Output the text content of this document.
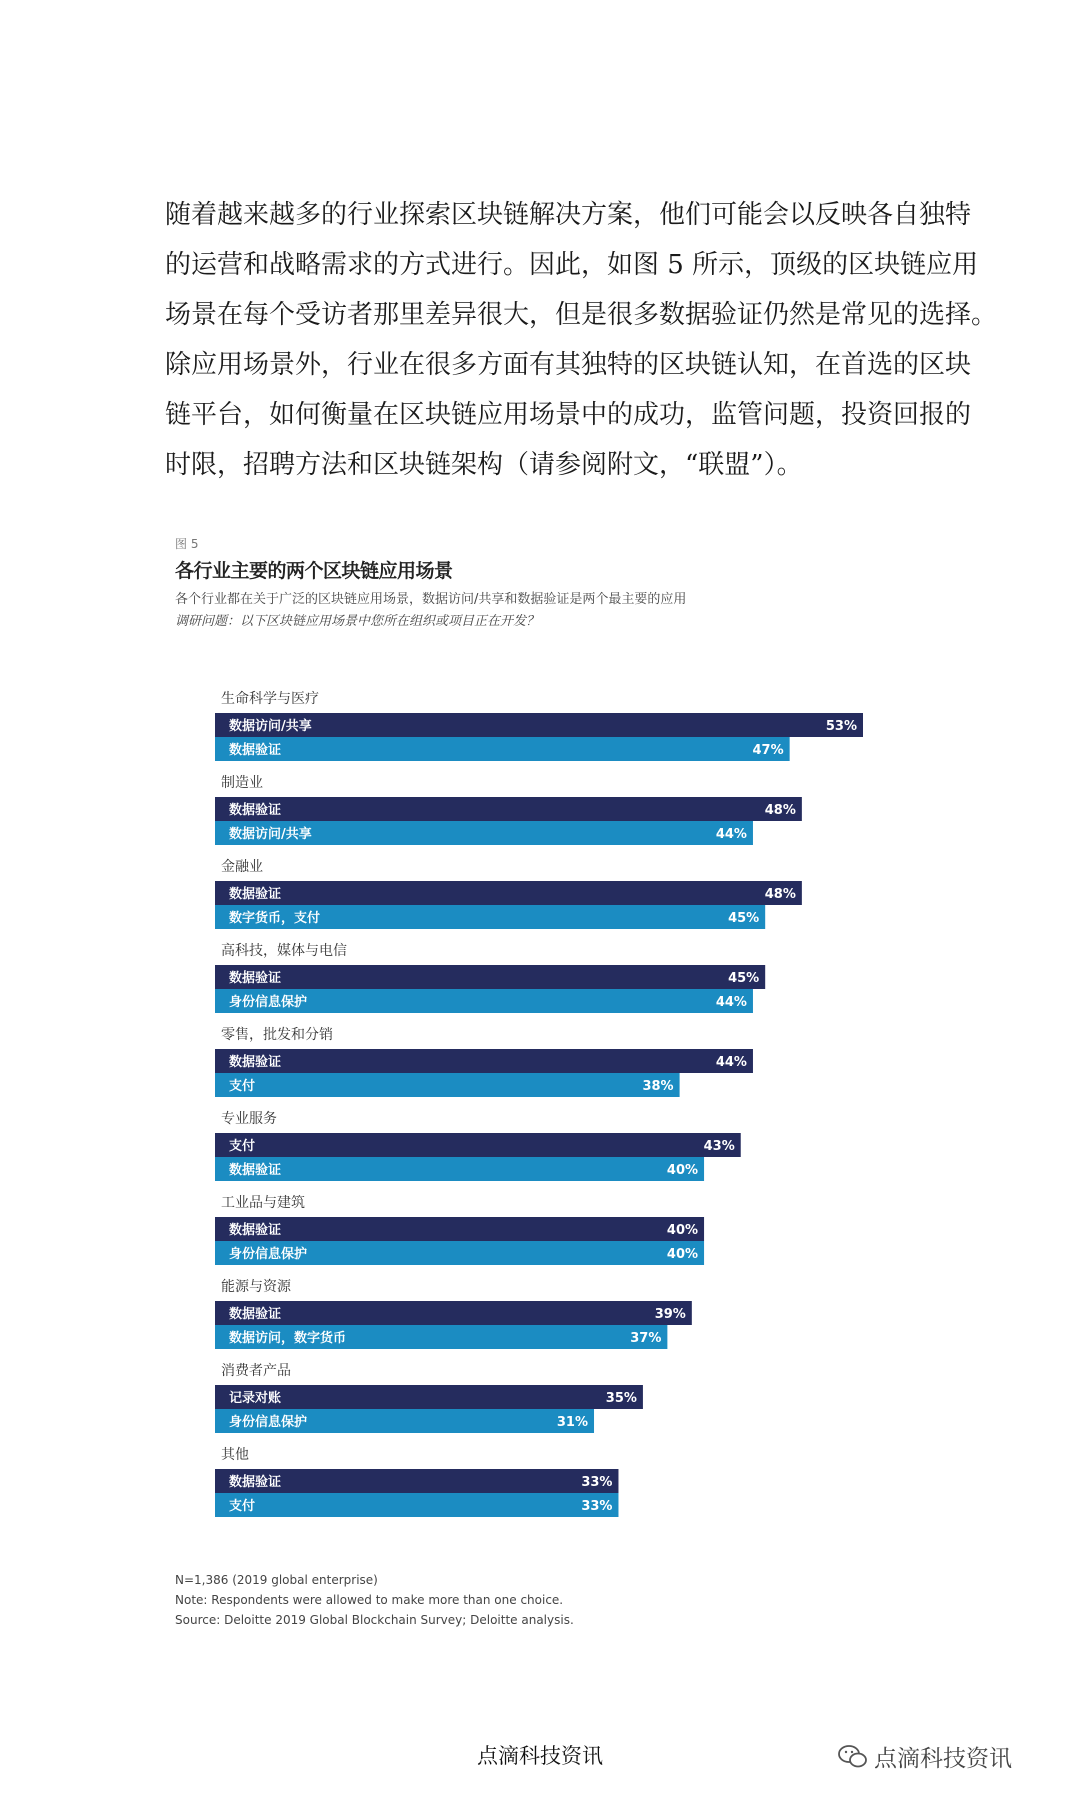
随着越来越多的行业探索区块链解决方案，他们可能会以反映各自独特
的运营和战略需求的方式进行。因此，如图 5 所示，顶级的区块链应用
场景在每个受访者那里差异很大，但是很多数据验证仍然是常见的选择。
除应用场景外，行业在很多方面有其独特的区块链认知，在首选的区块
链平台，如何衡量在区块链应用场景中的成功，监管问题，投资回报的
时限，招聘方法和区块链架构（请参阅附文，“联盟”）。

图 5
各行业主要的两个区块链应用场景
各个行业都在关于广泛的区块链应用场景，数据访问/共享和数据验证是两个最主要的应用
调研问题：以下区块链应用场景中您所在组织或项目正在开发？
生命科学与医疗
数据访问/共享	53%
数据验证	47%
制造业
数据验证	48%
数据访问/共享	44%
金融业
数据验证	48%
数字货币，支付	45%
高科技，媒体与电信
数据验证	45%
身份信息保护	44%
零售，批发和分销
数据验证	44%
支付	38%
专业服务
支付	43%
数据验证	40%
工业品与建筑
数据验证	40%
身份信息保护	40%
能源与资源
数据验证	39%
数据访问，数字货币	37%
消费者产品
记录对账	35%
身份信息保护	31%
其他
数据验证	33%
支付	33%
N=1,386 (2019 global enterprise)
Note: Respondents were allowed to make more than one choice.
Source: Deloitte 2019 Global Blockchain Survey; Deloitte analysis.
点滴科技资讯	点滴科技资讯
